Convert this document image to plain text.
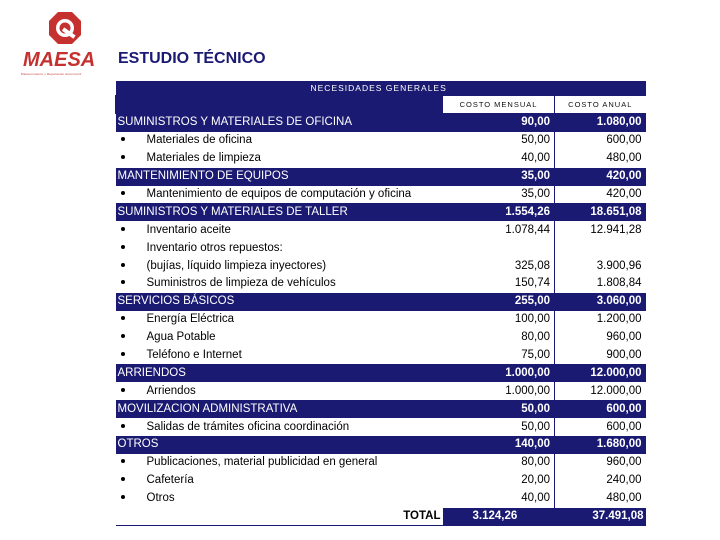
MAESA
Mantenimiento y Reparación Automotriz
ESTUDIO TÉCNICO
NECESIDADES GENERALES		
	COSTO MENSUAL	COSTO ANUAL
SUMINISTROS Y MATERIALES DE OFICINA	90,00	1.080,00
Materiales de oficina	50,00	600,00
Materiales de limpieza	40,00	480,00
MANTENIMIENTO DE EQUIPOS	35,00	420,00
Mantenimiento de equipos de computación y oficina	35,00	420,00
SUMINISTROS Y MATERIALES DE TALLER	1.554,26	18.651,08
Inventario aceite	1.078,44	12.941,28
Inventario otros repuestos:		
(bujías, líquido limpieza inyectores)	325,08	3.900,96
Suministros de limpieza de vehículos	150,74	1.808,84
SERVICIOS BÁSICOS	255,00	3.060,00
Energía Eléctrica	100,00	1.200,00
Agua Potable	80,00	960,00
Teléfono e Internet	75,00	900,00
ARRIENDOS	1.000,00	12.000,00
Arriendos	1.000,00	12.000,00
MOVILIZACION ADMINISTRATIVA	50,00	600,00
Salidas de trámites oficina coordinación	50,00	600,00
OTROS	140,00	1.680,00
Publicaciones, material publicidad en general	80,00	960,00
Cafetería	20,00	240,00
Otros	40,00	480,00
TOTAL	3.124,26	37.491,08
